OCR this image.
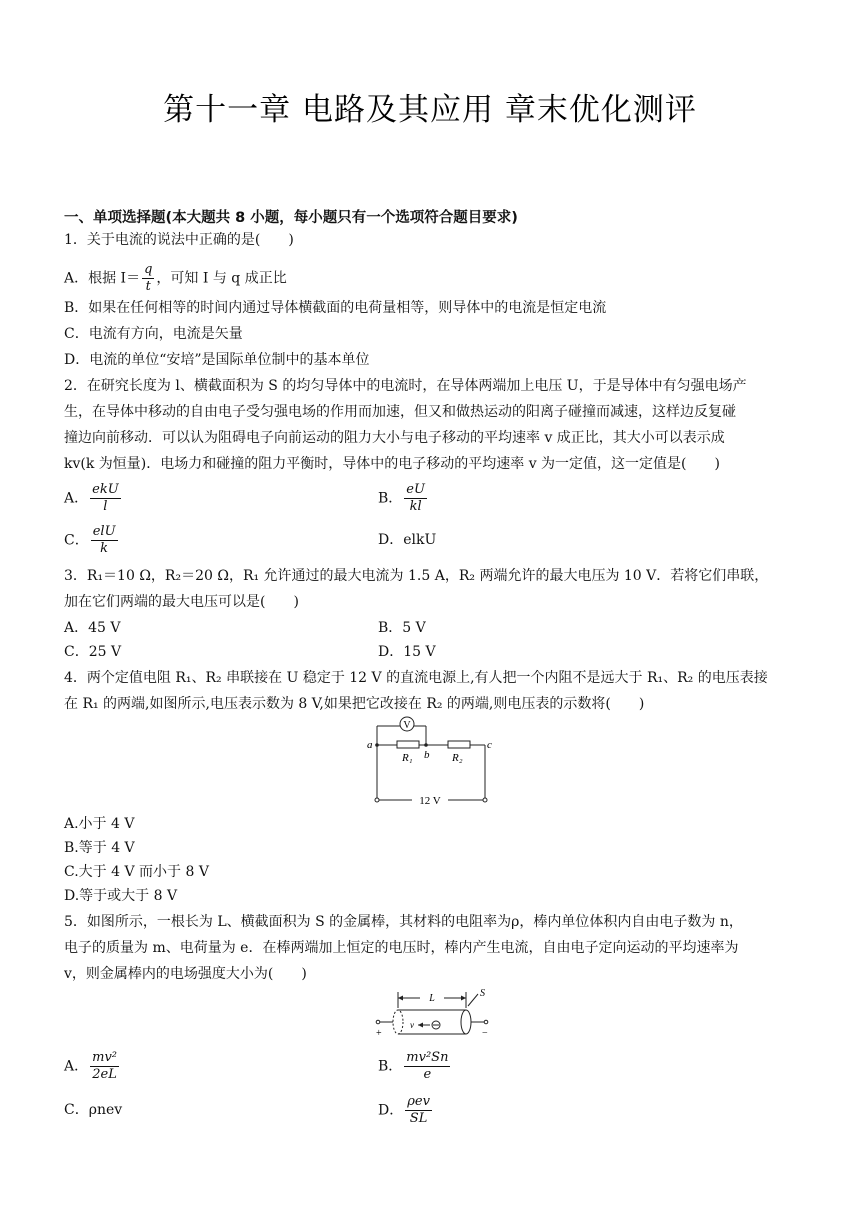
第十一章 电路及其应用 章末优化测评
一、单项选择题(本大题共 8 小题，每小题只有一个选项符合题目要求)
1．关于电流的说法中正确的是(　　)
A．根据 $I= \frac{q}{t}$ ，可知 I 与 q 成正比
B．如果在任何相等的时间内通过导体横截面的电荷量相等，则导体中的电流是恒定电流
C．电流有方向，电流是矢量
D．电流的单位“安培”是国际单位制中的基本单位
2．在研究长度为 l、横截面积为 S 的均匀导体中的电流时，在导体两端加上电压 U，于是导体中有匀强电场产
生，在导体中移动的自由电子受匀强电场的作用而加速，但又和做热运动的阳离子碰撞而减速，这样边反复碰
撞边向前移动．可以认为阻碍电子向前运动的阻力大小与电子移动的平均速率 v 成正比，其大小可以表示成
kv(k 为恒量)．电场力和碰撞的阻力平衡时，导体中的电子移动的平均速率 v 为一定值，这一定值是(　　)
A． $\frac{\text{ekU}}{l}$	B． $\frac{eU}{kl}$
C． $\frac{\text{elU}}{k}$	D．elkU
3．R₁＝10 Ω，R₂＝20 Ω，R₁ 允许通过的最大电流为 1.5 A，R₂ 两端允许的最大电压为 10 V．若将它们串联，
加在它们两端的最大电压可以是(　　)
A．45 V	B．5 V
C．25 V	D．15 V
4．两个定值电阻 R₁、R₂ 串联接在 U 稳定于 12 V 的直流电源上,有人把一个内阻不是远大于 R₁、R₂ 的电压表接
在 R₁ 的两端,如图所示,电压表示数为 8 V,如果把它改接在 R₂ 的两端,则电压表的示数将(　　)
V
a
b
c
R₁	R₂
12 V
A.小于 4 V
B.等于 4 V
C.大于 4 V 而小于 8 V
D.等于或大于 8 V
5．如图所示，一根长为 L、横截面积为 S 的金属棒，其材料的电阻率为ρ，棒内单位体积内自由电子数为 n，
电子的质量为 m、电荷量为 e．在棒两端加上恒定的电压时，棒内产生电流，自由电子定向运动的平均速率为
v，则金属棒内的电场强度大小为(　　)
L	S
v
+	−
A． $\frac{\text{mv²}}{2eL}$	B． $\frac{\text{mv²Sn}}{e}$
C．ρnev	D． $\frac{\text{ρev}}{SL}$
